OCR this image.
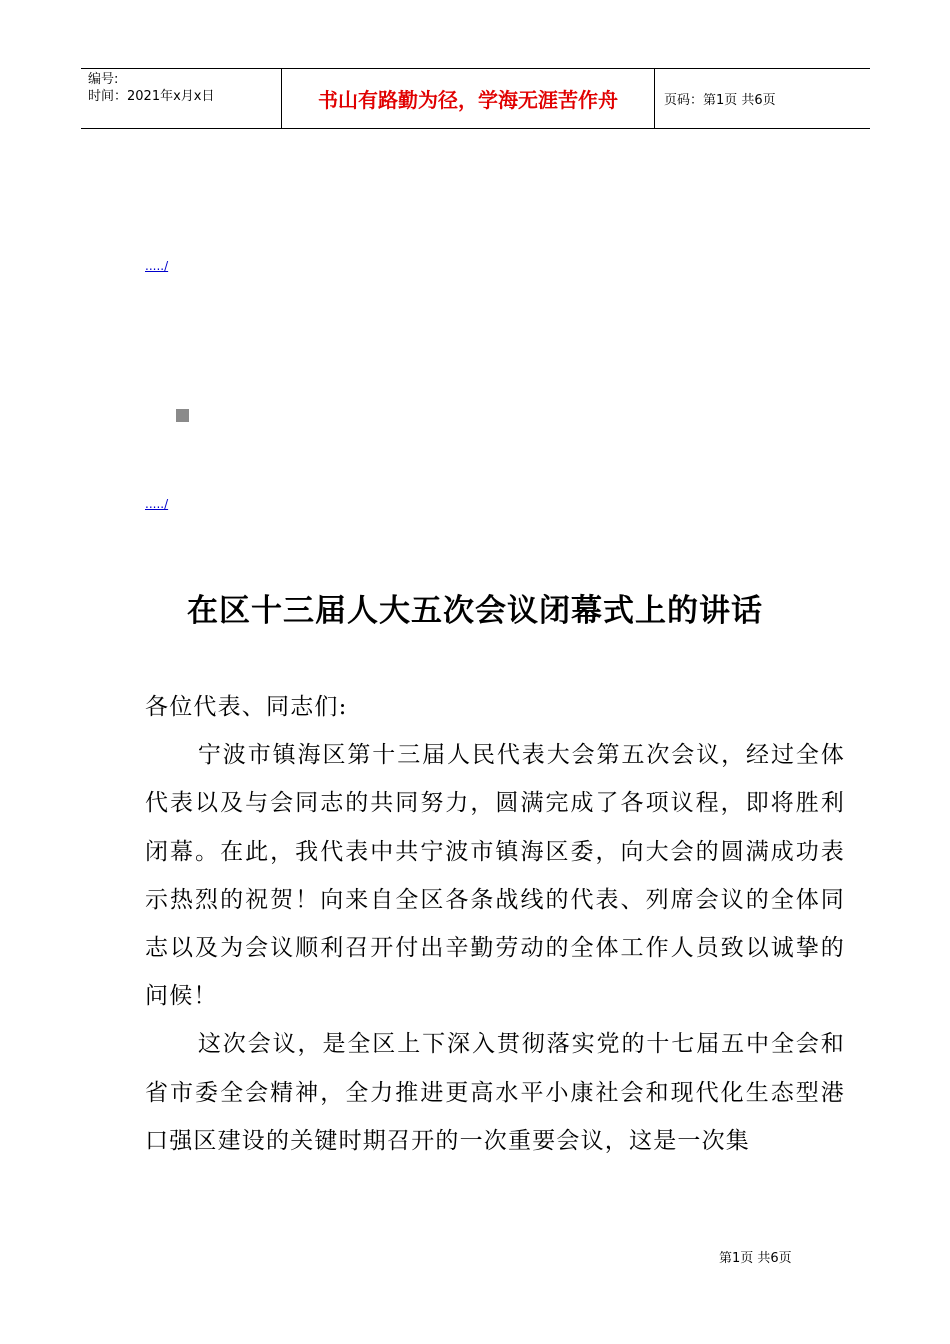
编号:
时间：2021年x月x日	书山有路勤为径，学海无涯苦作舟	页码：第1页 共6页
...../
...../
在区十三届人大五次会议闭幕式上的讲话

各位代表、同志们:

宁波市镇海区第十三届人民代表大会第五次会议，经过全体代表以及与会同志的共同努力，圆满完成了各项议程，即将胜利闭幕。在此，我代表中共宁波市镇海区委，向大会的圆满成功表示热烈的祝贺！向来自全区各条战线的代表、列席会议的全体同志以及为会议顺利召开付出辛勤劳动的全体工作人员致以诚挚的问候！

这次会议，是全区上下深入贯彻落实党的十七届五中全会和省市委全会精神，全力推进更高水平小康社会和现代化生态型港口强区建设的关键时期召开的一次重要会议，这是一次集

第1页 共6页
